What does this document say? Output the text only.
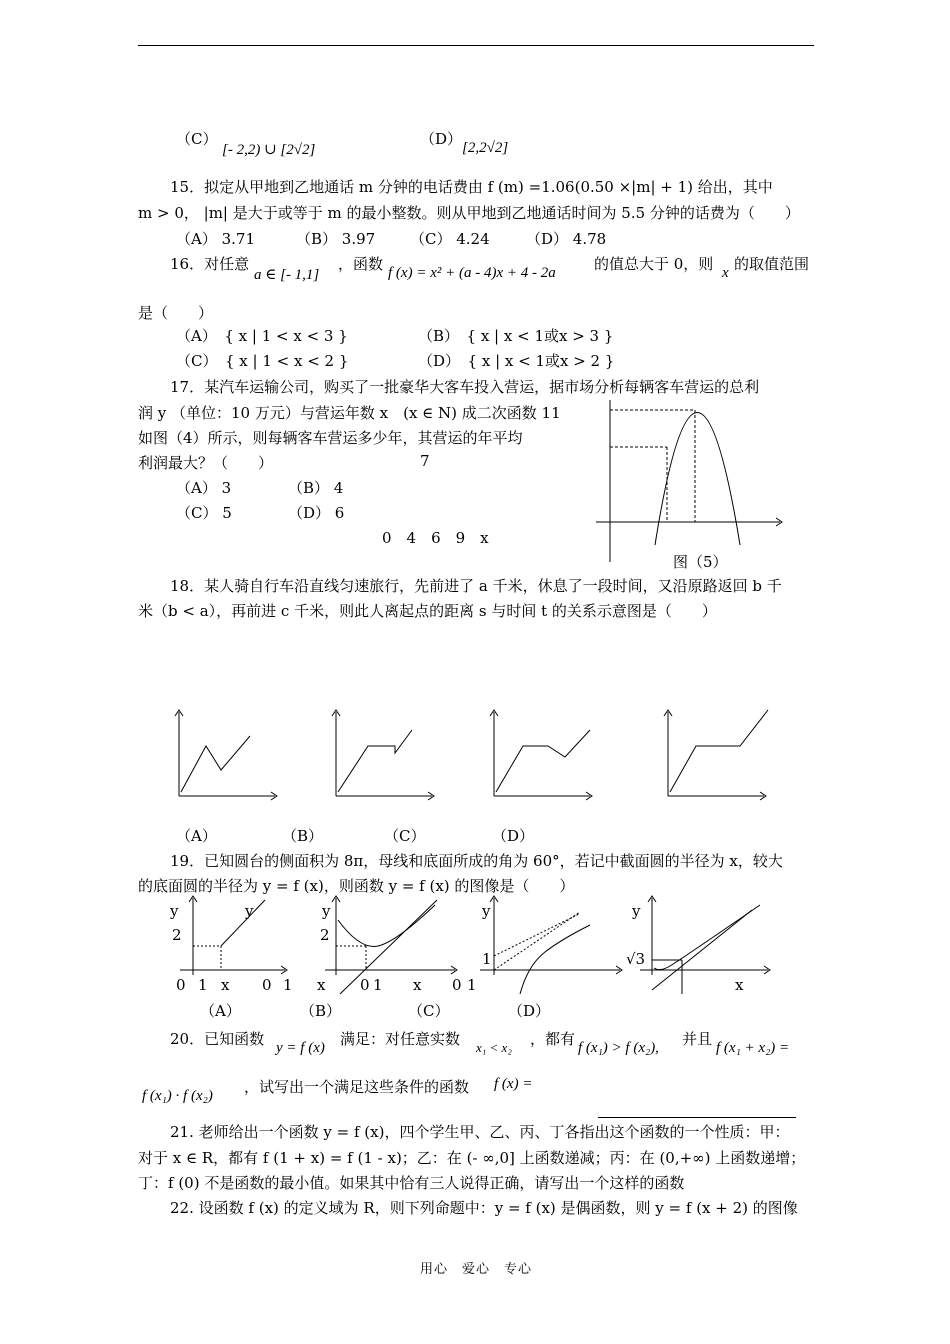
（C）
[- 2,2) ∪ [2√2]
（D） [2,2√2]
15．拟定从甲地到乙地通话 m 分钟的电话费由 f (m) =1.06(0.50 ×|m| + 1) 给出，其中
m > 0， |m| 是大于或等于 m 的最小整数。则从甲地到乙地通话时间为 5.5 分钟的话费为（　　）
（A） 3.71	（B） 3.97 （C） 4.24 （D） 4.78
16．对任意
a ∈ [- 1,1]
，函数 f (x) = x² + (a - 4)x + 4 - 2a	的值总大于 0，则 x 的取值范围
是（　　）
（A）　{ x | 1 < x < 3 }	（B）　{ x | x < 1或x > 3 }
（C）　{ x | 1 < x < 2 }	（D）　{ x | x < 1或x > 2 }
17．某汽车运输公司，购买了一批豪华大客车投入营运，据市场分析每辆客车营运的总利
润 y （单位：10 万元）与营运年数 x　(x ∈ N) 成二次函数 11
如图（4）所示，则每辆客车营运多少年，其营运的年平均
利润最大？（　　）	7
（A） 3	（B） 4
（C） 5	（D） 6
0　4　6　9　x
图（5）
18．某人骑自行车沿直线匀速旅行，先前进了 a 千米，休息了一段时间，又沿原路返回 b 千
米（b < a），再前进 c 千米，则此人离起点的距离 s 与时间 t 的关系示意图是（　　）
（A）	（B）	（C）	（D）
19．已知圆台的侧面积为 8π，母线和底面所成的角为 60°，若记中截面圆的半径为 x，较大
的底面圆的半径为 y = f (x)，则函数 y = f (x) 的图像是（　　）
y	y
2
0 1 x 0 1 x
y
2
0 1 x
y
1
0 1
y
√3
x
（A）	（B）	（C）	（D）
20．已知函数 y = f (x) 满足：对任意实数 x₁ < x₂ ，都有 f (x₁) > f (x₂), 并且 f (x₁ + x₂) =
f (x₁) · f (x₂) ，试写出一个满足这些条件的函数 f (x) =
21. 老师给出一个函数 y = f (x)，四个学生甲、乙、丙、丁各指出这个函数的一个性质：甲：
对于 x ∈ R，都有 f (1 + x) = f (1 - x)；乙：在 (- ∞,0] 上函数递减；丙：在 (0,+∞) 上函数递增；
丁：f (0) 不是函数的最小值。如果其中恰有三人说得正确，请写出一个这样的函数
22. 设函数 f (x) 的定义域为 R，则下列命题中：y = f (x) 是偶函数，则 y = f (x + 2) 的图像
用心　爱心　专心
